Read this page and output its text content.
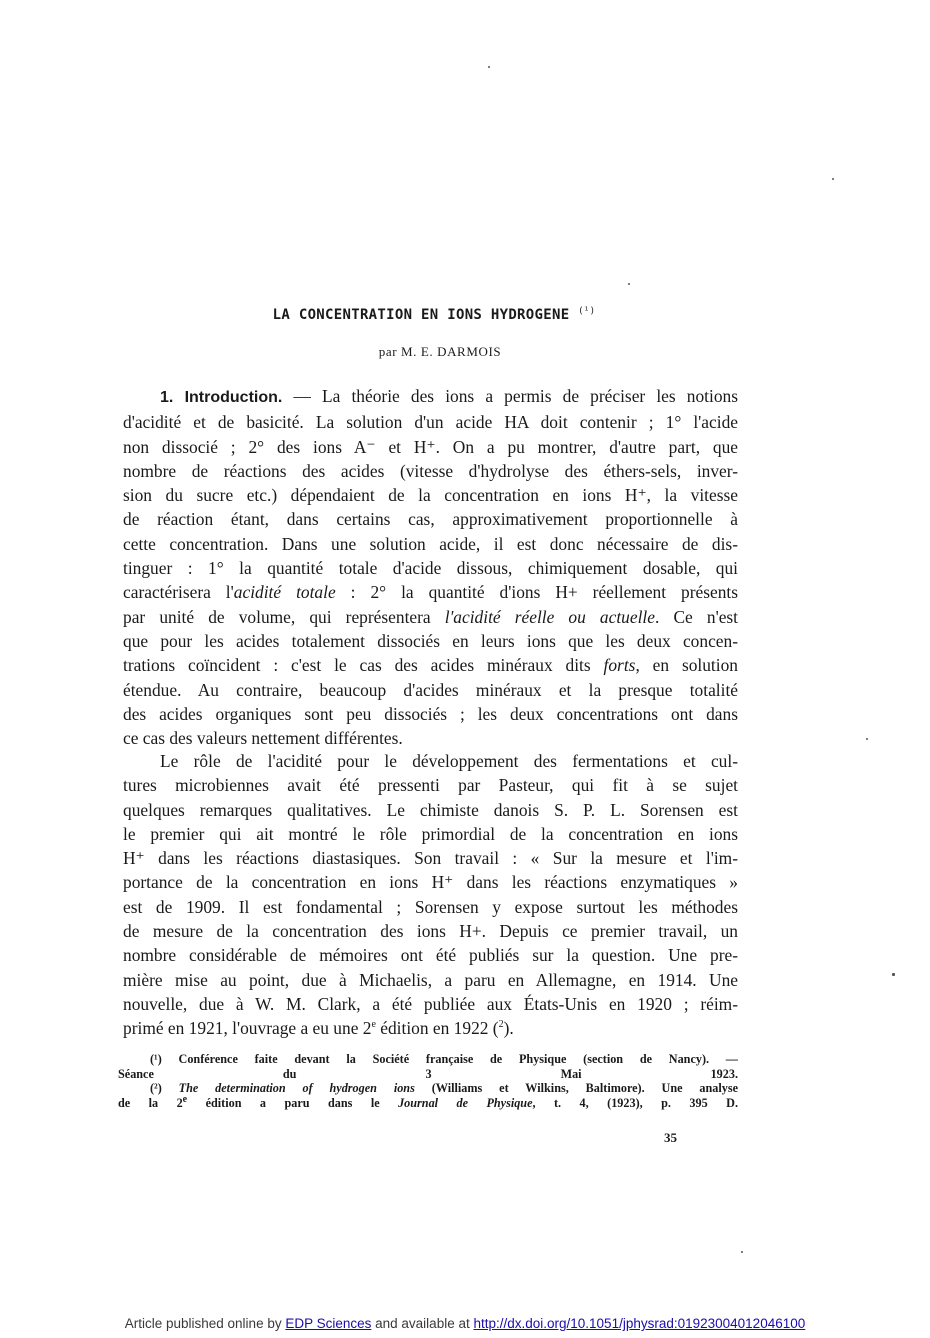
LA CONCENTRATION EN IONS HYDROGENE $^{(^1)}$
par M. E. DARMOIS
1. Introduction. — La théorie des ions a permis de préciser les notions
d'acidité et de basicité. La solution d'un acide HA doit contenir ; 1° l'acide
non dissocié ; 2° des ions A⁻ et H⁺. On a pu montrer, d'autre part, que
nombre de réactions des acides (vitesse d'hydrolyse des éthers-sels, inver-
sion du sucre etc.) dépendaient de la concentration en ions H⁺, la vitesse
de réaction étant, dans certains cas, approximativement proportionnelle à
cette concentration. Dans une solution acide, il est donc nécessaire de dis-
tinguer : 1° la quantité totale d'acide dissous, chimiquement dosable, qui
caractérisera l'acidité totale : 2° la quantité d'ions H+ réellement présents
par unité de volume, qui représentera l'acidité réelle ou actuelle. Ce n'est
que pour les acides totalement dissociés en leurs ions que les deux concen-
trations coïncident : c'est le cas des acides minéraux dits forts, en solution
étendue. Au contraire, beaucoup d'acides minéraux et la presque totalité
des acides organiques sont peu dissociés ; les deux concentrations ont dans
ce cas des valeurs nettement différentes.
Le rôle de l'acidité pour le développement des fermentations et cul-
tures microbiennes avait été pressenti par Pasteur, qui fit à se sujet
quelques remarques qualitatives. Le chimiste danois S. P. L. Sorensen est
le premier qui ait montré le rôle primordial de la concentration en ions
H⁺ dans les réactions diastasiques. Son travail : « Sur la mesure et l'im-
portance de la concentration en ions H⁺ dans les réactions enzymatiques »
est de 1909. Il est fondamental ; Sorensen y expose surtout les méthodes
de mesure de la concentration des ions H+. Depuis ce premier travail, un
nombre considérable de mémoires ont été publiés sur la question. Une pre-
mière mise au point, due à Michaelis, a paru en Allemagne, en 1914. Une
nouvelle, due à W. M. Clark, a été publiée aux États-Unis en 1920 ; réim-
primé en 1921, l'ouvrage a eu une 2e édition en 1922 ($^2$).
(¹) Conférence faite devant la Société française de Physique (section de Nancy). —
Séance du 3 Mai 1923.
(²) The determination of hydrogen ions (Williams et Wilkins, Baltimore). Une analyse
de la 2e édition a paru dans le Journal de Physique, t. 4, (1923), p. 395 D.
35
Article published online by EDP Sciences and available at http://dx.doi.org/10.1051/jphysrad:01923004012046100
